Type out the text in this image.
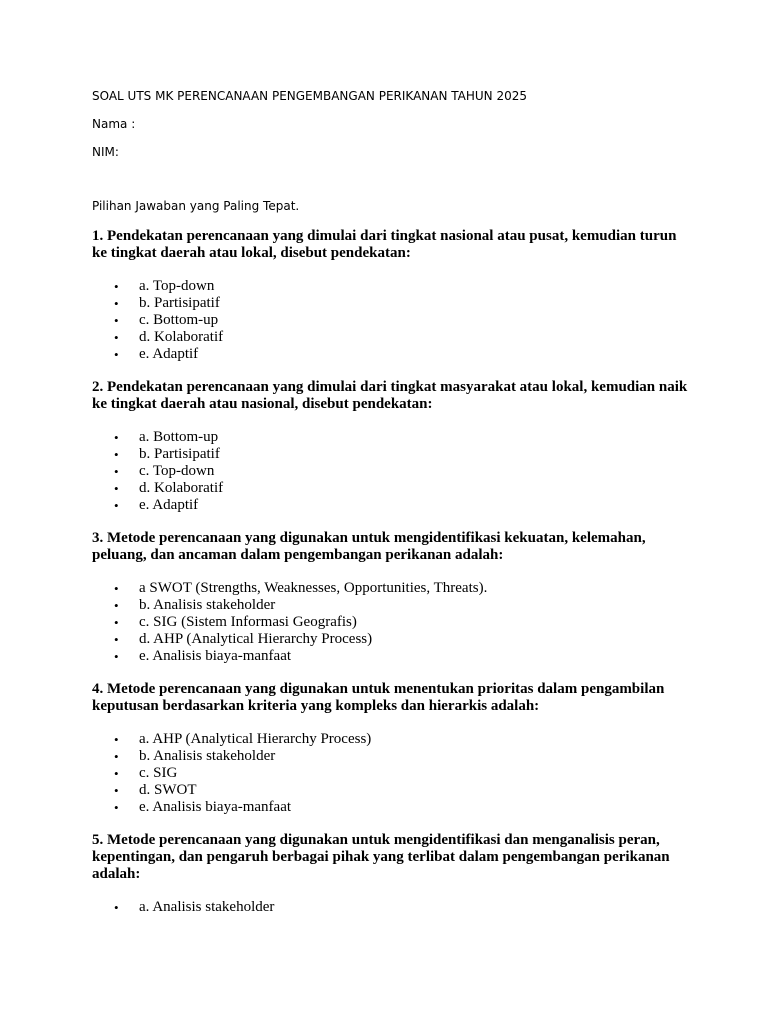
SOAL UTS MK PERENCANAAN PENGEMBANGAN PERIKANAN TAHUN 2025

Nama :

NIM:

Pilihan Jawaban yang Paling Tepat.

1. Pendekatan perencanaan yang dimulai dari tingkat nasional atau pusat, kemudian turun ke tingkat daerah atau lokal, disebut pendekatan:

• a. Top-down
• b. Partisipatif
• c. Bottom-up
• d. Kolaboratif
• e. Adaptif

2. Pendekatan perencanaan yang dimulai dari tingkat masyarakat atau lokal, kemudian naik ke tingkat daerah atau nasional, disebut pendekatan:

• a. Bottom-up
• b. Partisipatif
• c. Top-down
• d. Kolaboratif
• e. Adaptif

3. Metode perencanaan yang digunakan untuk mengidentifikasi kekuatan, kelemahan, peluang, dan ancaman dalam pengembangan perikanan adalah:

• a SWOT (Strengths, Weaknesses, Opportunities, Threats).
• b. Analisis stakeholder
• c. SIG (Sistem Informasi Geografis)
• d. AHP (Analytical Hierarchy Process)
• e. Analisis biaya-manfaat

4. Metode perencanaan yang digunakan untuk menentukan prioritas dalam pengambilan keputusan berdasarkan kriteria yang kompleks dan hierarkis adalah:

• a. AHP (Analytical Hierarchy Process)
• b. Analisis stakeholder
• c. SIG
• d. SWOT
• e. Analisis biaya-manfaat

5. Metode perencanaan yang digunakan untuk mengidentifikasi dan menganalisis peran, kepentingan, dan pengaruh berbagai pihak yang terlibat dalam pengembangan perikanan adalah:

• a. Analisis stakeholder
